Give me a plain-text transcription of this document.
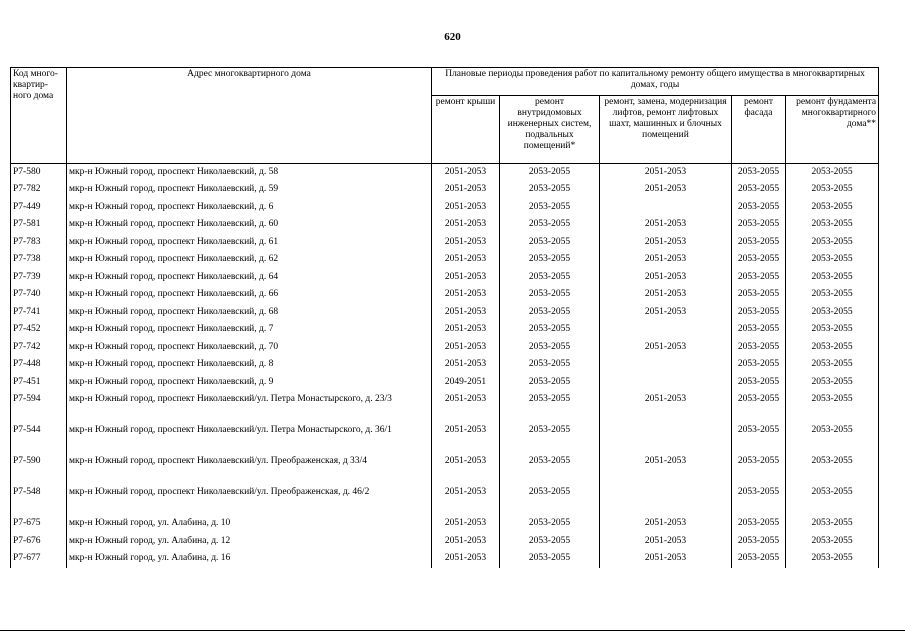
620
Код много-квартир-ного дома	Адрес многоквартирного дома	Плановые периоды проведения работ по капитальному ремонту общего имущества в многоквартирных домах, годы				
		ремонт крыши	ремонт внутридомовых инженерных систем, подвальных помещений*	ремонт, замена, модернизация лифтов, ремонт лифтовых шахт, машинных и блочных помещений	ремонт фасада	ремонт фундамента многоквартирного дома**
Р7-580	мкр-н Южный город, проспект Николаевский, д. 58	2051-2053	2053-2055	2051-2053	2053-2055	2053-2055
Р7-782	мкр-н Южный город, проспект Николаевский, д. 59	2051-2053	2053-2055	2051-2053	2053-2055	2053-2055
Р7-449	мкр-н Южный город, проспект Николаевский, д. 6	2051-2053	2053-2055		2053-2055	2053-2055
Р7-581	мкр-н Южный город, проспект Николаевский, д. 60	2051-2053	2053-2055	2051-2053	2053-2055	2053-2055
Р7-783	мкр-н Южный город, проспект Николаевский, д. 61	2051-2053	2053-2055	2051-2053	2053-2055	2053-2055
Р7-738	мкр-н Южный город, проспект Николаевский, д. 62	2051-2053	2053-2055	2051-2053	2053-2055	2053-2055
Р7-739	мкр-н Южный город, проспект Николаевский, д. 64	2051-2053	2053-2055	2051-2053	2053-2055	2053-2055
Р7-740	мкр-н Южный город, проспект Николаевский, д. 66	2051-2053	2053-2055	2051-2053	2053-2055	2053-2055
Р7-741	мкр-н Южный город, проспект Николаевский, д. 68	2051-2053	2053-2055	2051-2053	2053-2055	2053-2055
Р7-452	мкр-н Южный город, проспект Николаевский, д. 7	2051-2053	2053-2055		2053-2055	2053-2055
Р7-742	мкр-н Южный город, проспект Николаевский, д. 70	2051-2053	2053-2055	2051-2053	2053-2055	2053-2055
Р7-448	мкр-н Южный город, проспект Николаевский, д. 8	2051-2053	2053-2055		2053-2055	2053-2055
Р7-451	мкр-н Южный город, проспект Николаевский, д. 9	2049-2051	2053-2055		2053-2055	2053-2055
Р7-594	мкр-н Южный город, проспект Николаевский/ул. Петра Монастырского, д. 23/3	2051-2053	2053-2055	2051-2053	2053-2055	2053-2055
Р7-544	мкр-н Южный город, проспект Николаевский/ул. Петра Монастырского, д. 36/1	2051-2053	2053-2055		2053-2055	2053-2055
Р7-590	мкр-н Южный город, проспект Николаевский/ул. Преображенская, д 33/4	2051-2053	2053-2055	2051-2053	2053-2055	2053-2055
Р7-548	мкр-н Южный город, проспект Николаевский/ул. Преображенская, д. 46/2	2051-2053	2053-2055		2053-2055	2053-2055
Р7-675	мкр-н Южный город, ул. Алабина, д. 10	2051-2053	2053-2055	2051-2053	2053-2055	2053-2055
Р7-676	мкр-н Южный город, ул. Алабина, д. 12	2051-2053	2053-2055	2051-2053	2053-2055	2053-2055
Р7-677	мкр-н Южный город, ул. Алабина, д. 16	2051-2053	2053-2055	2051-2053	2053-2055	2053-2055
